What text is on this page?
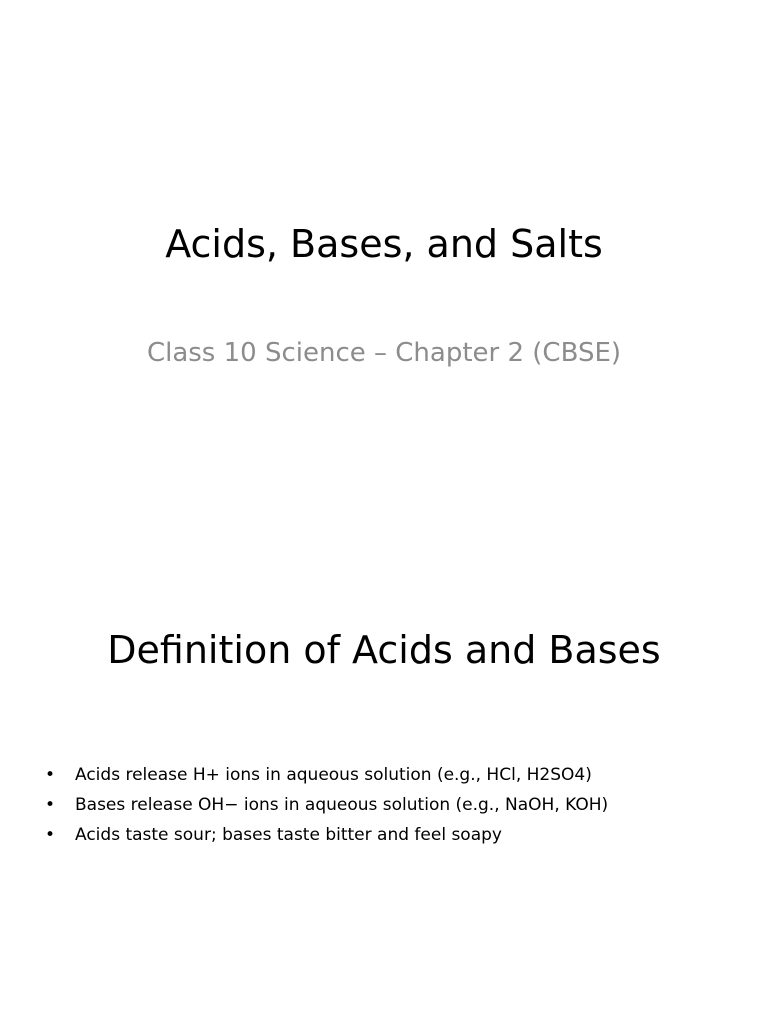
Acids, Bases, and Salts
Class 10 Science – Chapter 2 (CBSE)
Definition of Acids and Bases
• Acids release H+ ions in aqueous solution (e.g., HCl, H2SO4)
• Bases release OH− ions in aqueous solution (e.g., NaOH, KOH)
• Acids taste sour; bases taste bitter and feel soapy
